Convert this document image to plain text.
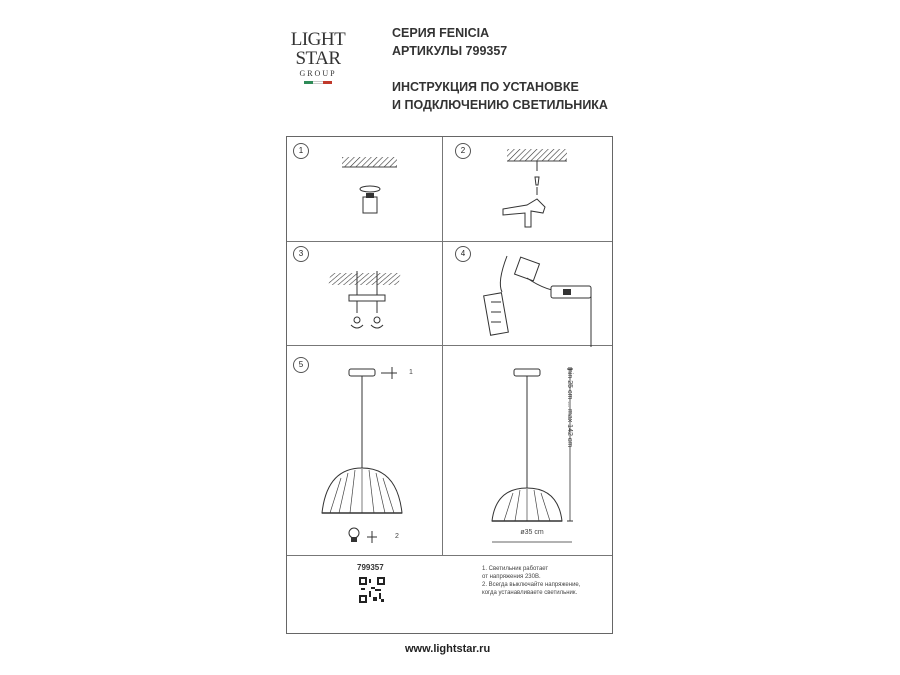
LIGHT
STAR
GROUP
СЕРИЯ FENICIA
АРТИКУЛЫ 799357
ИНСТРУКЦИЯ ПО УСТАНОВКЕ
И ПОДКЛЮЧЕНИЮ СВЕТИЛЬНИКА
1	2
3	4
5
1
2
min 25 cm ... max 142 cm
ø35 cm
799357	1. Светильник работает
от напряжения 230В.
2. Всегда выключайте напряжение,
когда устанавливаете светильник.
www.lightstar.ru
